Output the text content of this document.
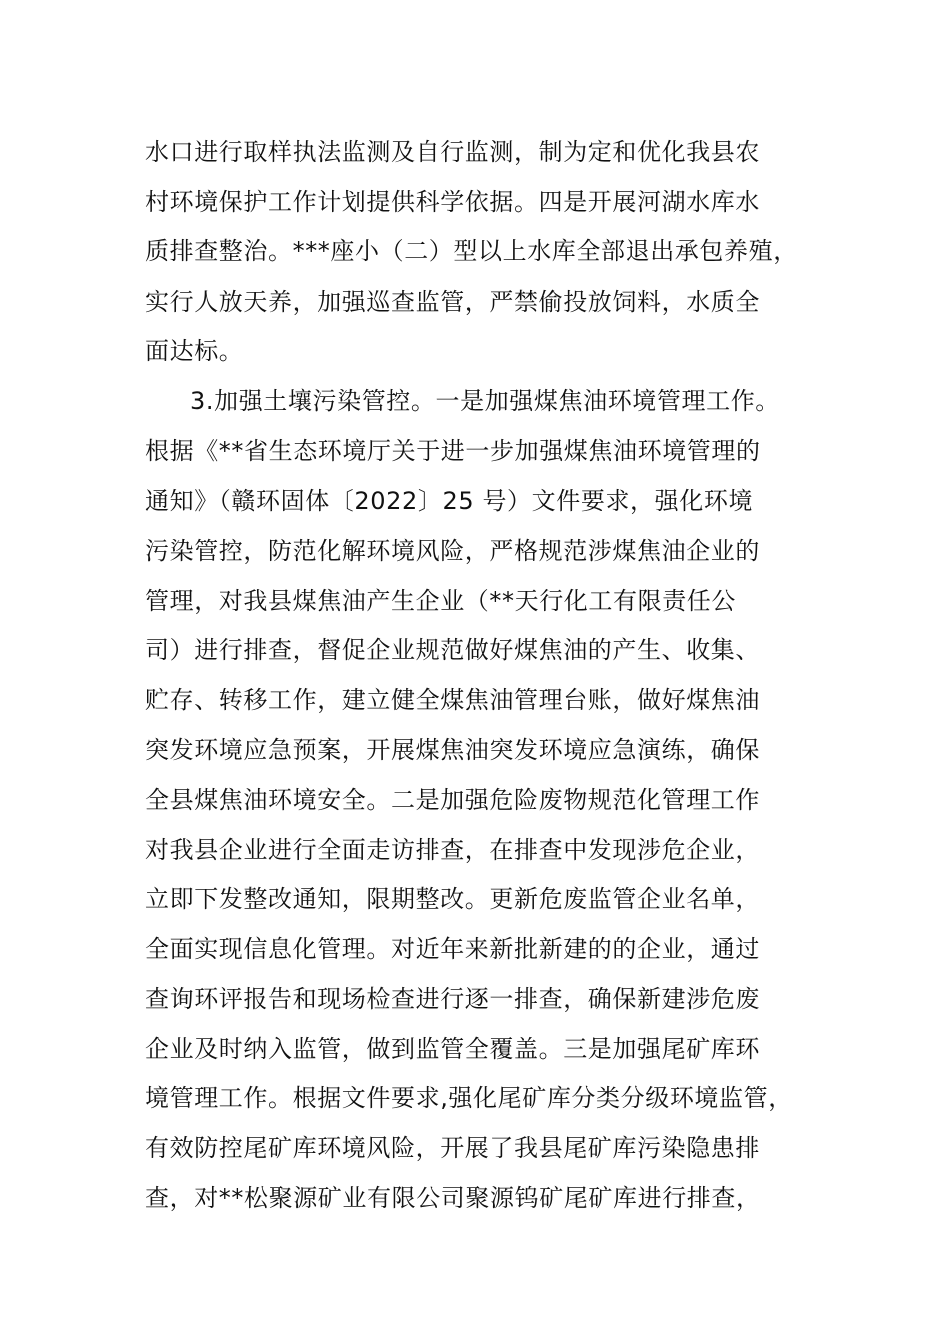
水口进行取样执法监测及自行监测，制为定和优化我县农
村环境保护工作计划提供科学依据。四是开展河湖水库水
质排查整治。***座小（二）型以上水库全部退出承包养殖，
实行人放天养，加强巡查监管，严禁偷投放饲料，水质全
面达标。
3.加强土壤污染管控。一是加强煤焦油环境管理工作。
根据《**省生态环境厅关于进一步加强煤焦油环境管理的
通知》（赣环固体〔2022〕25 号）文件要求，强化环境
污染管控，防范化解环境风险，严格规范涉煤焦油企业的
管理，对我县煤焦油产生企业（**天行化工有限责任公
司）进行排查，督促企业规范做好煤焦油的产生、收集、
贮存、转移工作，建立健全煤焦油管理台账，做好煤焦油
突发环境应急预案，开展煤焦油突发环境应急演练，确保
全县煤焦油环境安全。二是加强危险废物规范化管理工作
对我县企业进行全面走访排查，在排查中发现涉危企业，
立即下发整改通知，限期整改。更新危废监管企业名单，
全面实现信息化管理。对近年来新批新建的的企业，通过
查询环评报告和现场检查进行逐一排查，确保新建涉危废
企业及时纳入监管，做到监管全覆盖。三是加强尾矿库环
境管理工作。根据文件要求,强化尾矿库分类分级环境监管，
有效防控尾矿库环境风险，开展了我县尾矿库污染隐患排
查，对**松聚源矿业有限公司聚源钨矿尾矿库进行排查，
